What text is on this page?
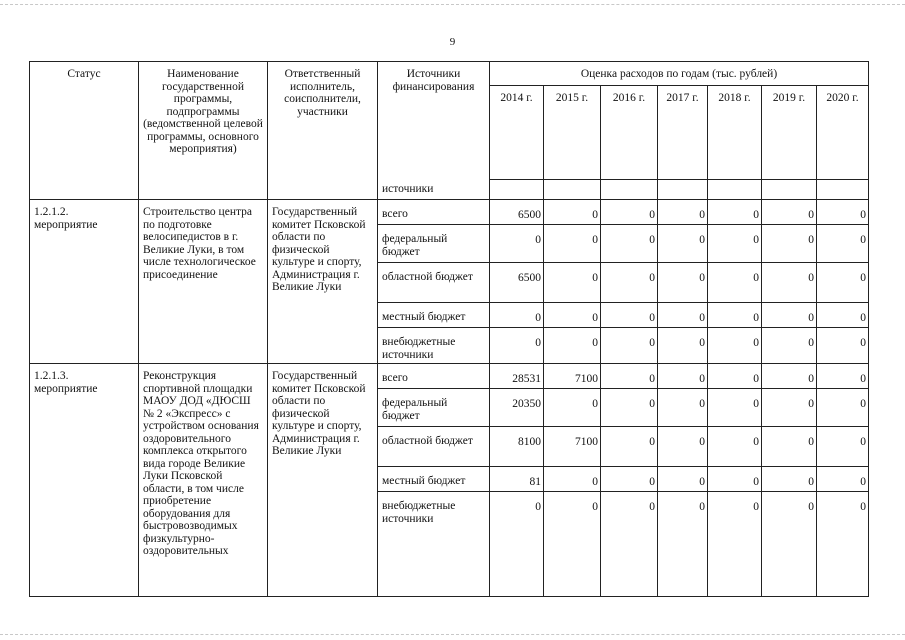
9
Статус	Наименование государственной программы, подпрограммы (ведомственной целевой программы, основного мероприятия)	Ответственный исполнитель, соисполнители, участники	Источники финансирования	Оценка расходов по годам (тыс. рублей)						
				2014 г.	2015 г.	2016 г.	2017 г.	2018 г.	2019 г.	2020 г.
			источники							
1.2.1.2. мероприятие	Строительство центра по подготовке велосипедистов в г. Великие Луки, в том числе технологическое присоединение	Государственный комитет Псковской области по физической культуре и спорту, Администрация г. Великие Луки	всего	6500	0	0	0	0	0	0
			федеральный бюджет	0	0	0	0	0	0	0
			областной бюджет	6500	0	0	0	0	0	0
			местный бюджет	0	0	0	0	0	0	0
			внебюджетные источники	0	0	0	0	0	0	0
1.2.1.3. мероприятие	Реконструкция спортивной площадки МАОУ ДОД «ДЮСШ № 2 «Экспресс» с устройством основания оздоровительного комплекса открытого вида городе Великие Луки Псковской области, в том числе приобретение оборудования для быстровозводимых физкультурно-оздоровительных	Государственный комитет Псковской области по физической культуре и спорту, Администрация г. Великие Луки	всего	28531	7100	0	0	0	0	0
			федеральный бюджет	20350	0	0	0	0	0	0
			областной бюджет	8100	7100	0	0	0	0	0
			местный бюджет	81	0	0	0	0	0	0
			внебюджетные источники	0	0	0	0	0	0	0
